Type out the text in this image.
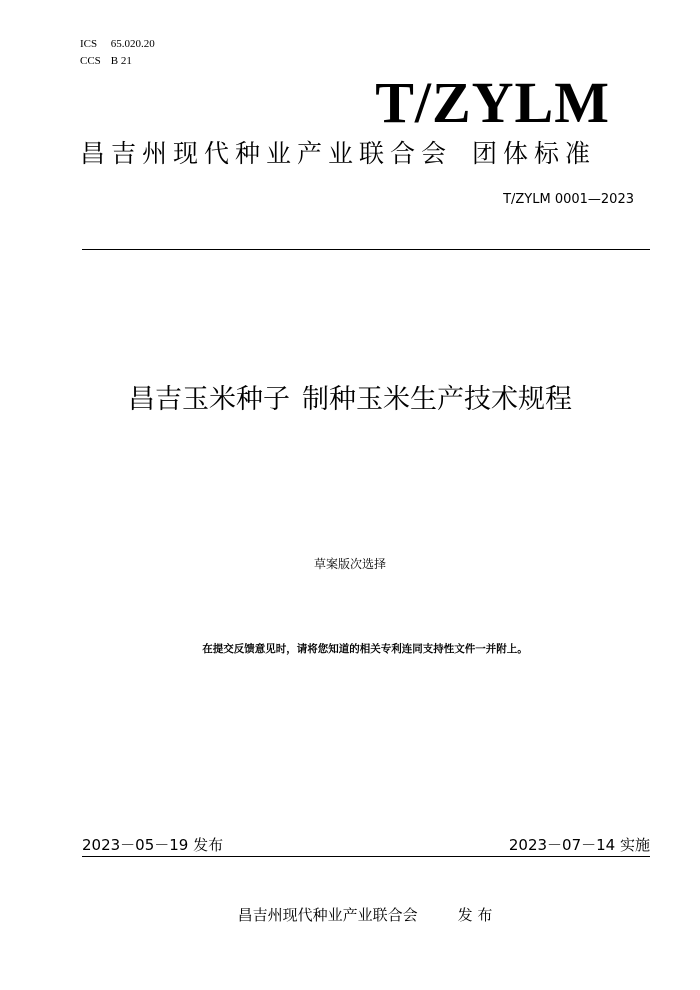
ICS 65.020.20
CCS B 21
T/ZYLM
昌吉州现代种业产业联合会 团体标准
T/ZYLM 0001—2023
昌吉玉米种子 制种玉米生产技术规程
草案版次选择
在提交反馈意见时，请将您知道的相关专利连同支持性文件一并附上。
2023－05－19 发布	2023－07－14 实施
昌吉州现代种业产业联合会	发 布
